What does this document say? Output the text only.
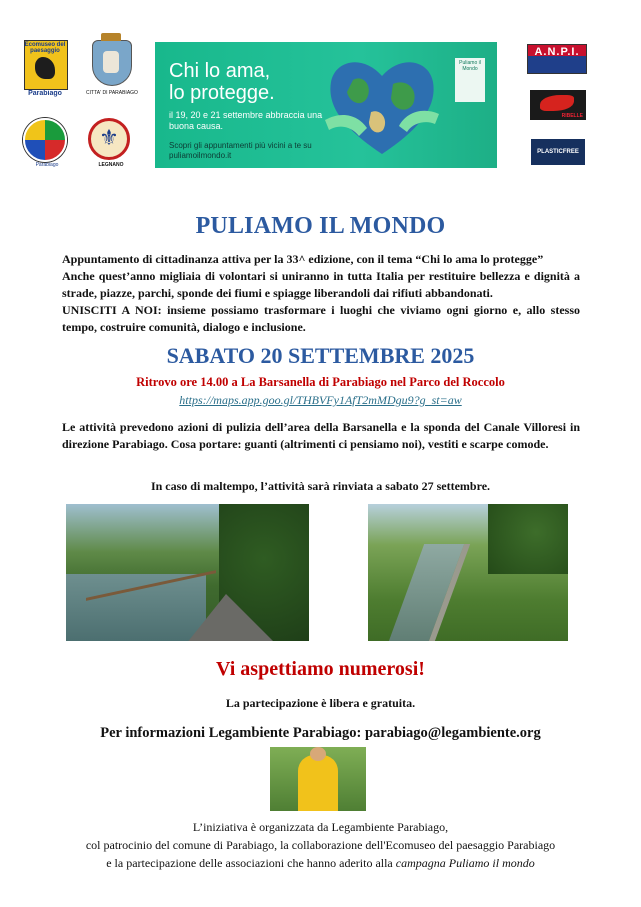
Ecomuseo del paesaggio
Parabiago	CITTA' DI PARABIAGO
Parabiago	LEGNANO
⚜
Chi lo ama,
lo protegge.
il 19, 20 e 21 settembre abbraccia una buona causa.
Scopri gli appuntamenti più vicini a te su puliamoilmondo.it
Puliamo il Mondo
A.N.P.I.
RIBELLE
PLASTICFREE
PULIAMO IL MONDO

Appuntamento di cittadinanza attiva per la 33^ edizione, con il tema “Chi lo ama lo protegge”

Anche quest’anno migliaia di volontari si uniranno in tutta Italia per restituire bellezza e dignità a strade, piazze, parchi, sponde dei fiumi e spiagge liberandoli dai rifiuti abbandonati.

UNISCITI A NOI: insieme possiamo trasformare i luoghi che viviamo ogni giorno e, allo stesso tempo, costruire comunità, dialogo e inclusione.

SABATO 20 SETTEMBRE 2025
Ritrovo ore 14.00 a La Barsanella di Parabiago nel Parco del Roccolo
https://maps.app.goo.gl/THBVFy1AfT2mMDgu9?g_st=aw
Le attività prevedono azioni di pulizia dell’area della Barsanella e la sponda del Canale Villoresi in direzione Parabiago. Cosa portare: guanti (altrimenti ci pensiamo noi), vestiti e scarpe comode.
In caso di maltempo, l’attività sarà rinviata a sabato 27 settembre.
Vi aspettiamo numerosi!
La partecipazione è libera e gratuita.
Per informazioni Legambiente Parabiago: parabiago@legambiente.org
L’iniziativa è organizzata da Legambiente Parabiago,
col patrocinio del comune di Parabiago, la collaborazione dell'Ecomuseo del paesaggio Parabiago
e la partecipazione delle associazioni che hanno aderito alla campagna Puliamo il mondo
